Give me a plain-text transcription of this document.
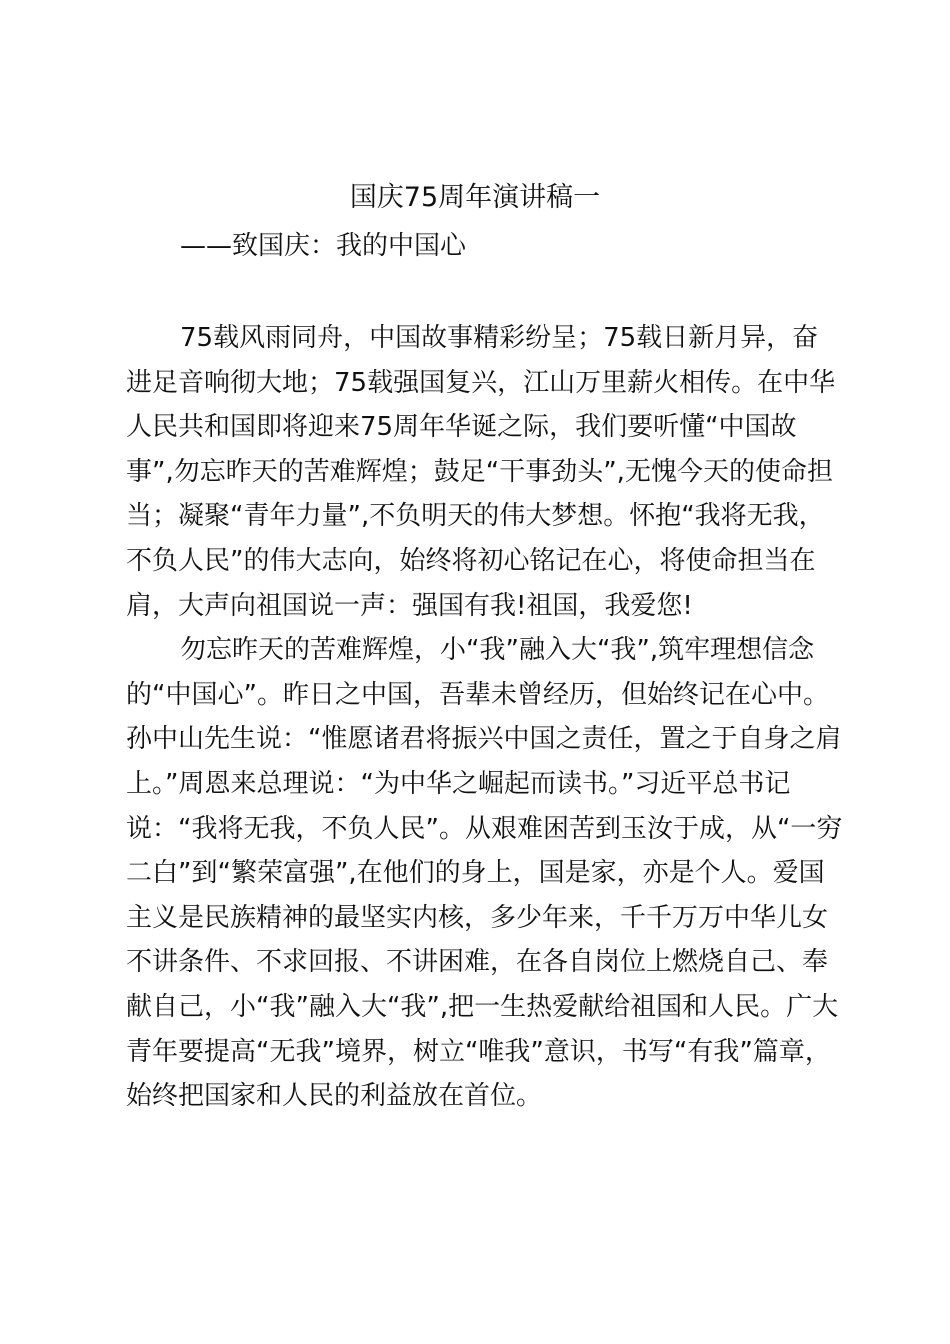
国庆75周年演讲稿一
——致国庆：我的中国心

75载风雨同舟，中国故事精彩纷呈；75载日新月异，奋
进足音响彻大地；75载强国复兴，江山万里薪火相传。在中华
人民共和国即将迎来75周年华诞之际，我们要听懂“中国故
事”,勿忘昨天的苦难辉煌；鼓足“干事劲头”,无愧今天的使命担
当；凝聚“青年力量”,不负明天的伟大梦想。怀抱“我将无我，
不负人民”的伟大志向，始终将初心铭记在心，将使命担当在
肩，大声向祖国说一声：强国有我!祖国，我爱您!

勿忘昨天的苦难辉煌，小“我”融入大“我”,筑牢理想信念
的“中国心”。昨日之中国，吾辈未曾经历，但始终记在心中。
孙中山先生说：“惟愿诸君将振兴中国之责任，置之于自身之肩
上。”周恩来总理说：“为中华之崛起而读书。”习近平总书记
说：“我将无我，不负人民”。从艰难困苦到玉汝于成，从“一穷
二白”到“繁荣富强”,在他们的身上，国是家，亦是个人。爱国
主义是民族精神的最坚实内核，多少年来，千千万万中华儿女
不讲条件、不求回报、不讲困难，在各自岗位上燃烧自己、奉
献自己，小“我”融入大“我”,把一生热爱献给祖国和人民。广大
青年要提高“无我”境界，树立“唯我”意识，书写“有我”篇章，
始终把国家和人民的利益放在首位。
